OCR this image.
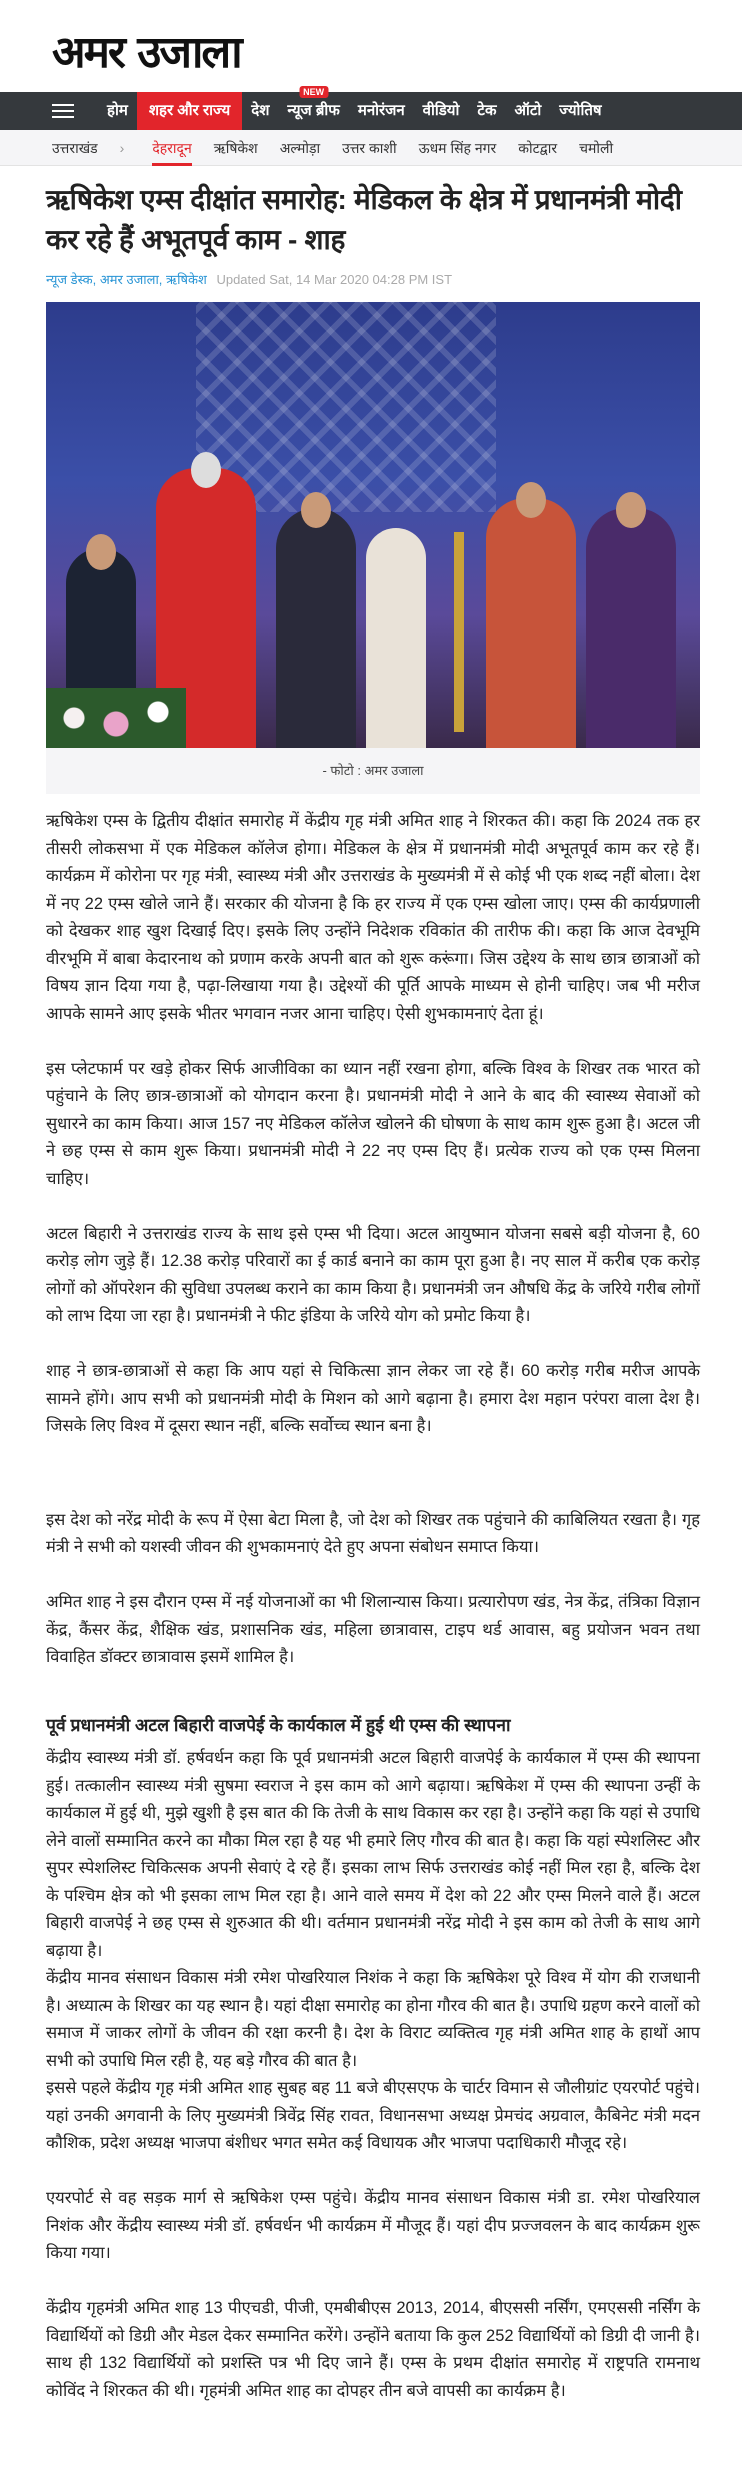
अमर उजाला
होम	शहर और राज्य	देश	न्यूज ब्रीफ
NEW
मनोरंजन	वीडियो	टेक	ऑटो	ज्योतिष
उत्तराखंड › देहरादून ऋषिकेश अल्मोड़ा उत्तर काशी ऊधम सिंह नगर कोटद्वार चमोली
ऋषिकेश एम्स दीक्षांत समारोह: मेडिकल के क्षेत्र में प्रधानमंत्री मोदी कर रहे हैं अभूतपूर्व काम - शाह
न्यूज डेस्क, अमर उजाला, ऋषिकेश Updated Sat, 14 Mar 2020 04:28 PM IST
- फोटो : अमर उजाला

ऋषिकेश एम्स के द्वितीय दीक्षांत समारोह में केंद्रीय गृह मंत्री अमित शाह ने शिरकत की। कहा कि 2024 तक हर तीसरी लोकसभा में एक मेडिकल कॉलेज होगा। मेडिकल के क्षेत्र में प्रधानमंत्री मोदी अभूतपूर्व काम कर रहे हैं। कार्यक्रम में कोरोना पर गृह मंत्री, स्वास्थ्य मंत्री और उत्तराखंड के मुख्यमंत्री में से कोई भी एक शब्द नहीं बोला। देश में नए 22 एम्स खोले जाने हैं। सरकार की योजना है कि हर राज्य में एक एम्स खोला जाए। एम्स की कार्यप्रणाली को देखकर शाह खुश दिखाई दिए। इसके लिए उन्होंने निदेशक रविकांत की तारीफ की। कहा कि आज देवभूमि वीरभूमि में बाबा केदारनाथ को प्रणाम करके अपनी बात को शुरू करूंगा। जिस उद्देश्य के साथ छात्र छात्राओं को विषय ज्ञान दिया गया है, पढ़ा-लिखाया गया है। उद्देश्यों की पूर्ति आपके माध्यम से होनी चाहिए। जब भी मरीज आपके सामने आए इसके भीतर भगवान नजर आना चाहिए। ऐसी शुभकामनाएं देता हूं।

इस प्लेटफार्म पर खड़े होकर सिर्फ आजीविका का ध्यान नहीं रखना होगा, बल्कि विश्व के शिखर तक भारत को पहुंचाने के लिए छात्र-छात्राओं को योगदान करना है। प्रधानमंत्री मोदी ने आने के बाद की स्वास्थ्य सेवाओं को सुधारने का काम किया। आज 157 नए मेडिकल कॉलेज खोलने की घोषणा के साथ काम शुरू हुआ है। अटल जी ने छह एम्स से काम शुरू किया। प्रधानमंत्री मोदी ने 22 नए एम्स दिए हैं। प्रत्येक राज्य को एक एम्स मिलना चाहिए।

अटल बिहारी ने उत्तराखंड राज्य के साथ इसे एम्स भी दिया। अटल आयुष्मान योजना सबसे बड़ी योजना है, 60 करोड़ लोग जुड़े हैं। 12.38 करोड़ परिवारों का ई कार्ड बनाने का काम पूरा हुआ है। नए साल में करीब एक करोड़ लोगों को ऑपरेशन की सुविधा उपलब्ध कराने का काम किया है। प्रधानमंत्री जन औषधि केंद्र के जरिये गरीब लोगों को लाभ दिया जा रहा है। प्रधानमंत्री ने फीट इंडिया के जरिये योग को प्रमोट किया है।

शाह ने छात्र-छात्राओं से कहा कि आप यहां से चिकित्सा ज्ञान लेकर जा रहे हैं। 60 करोड़ गरीब मरीज आपके सामने होंगे। आप सभी को प्रधानमंत्री मोदी के मिशन को आगे बढ़ाना है। हमारा देश महान परंपरा वाला देश है। जिसके लिए विश्व में दूसरा स्थान नहीं, बल्कि सर्वोच्च स्थान बना है।

इस देश को नरेंद्र मोदी के रूप में ऐसा बेटा मिला है, जो देश को शिखर तक पहुंचाने की काबिलियत रखता है। गृह मंत्री ने सभी को यशस्वी जीवन की शुभकामनाएं देते हुए अपना संबोधन समाप्त किया।

अमित शाह ने इस दौरान एम्स में नई योजनाओं का भी शिलान्यास किया। प्रत्यारोपण खंड, नेत्र केंद्र, तंत्रिका विज्ञान केंद्र, कैंसर केंद्र, शैक्षिक खंड, प्रशासनिक खंड, महिला छात्रावास, टाइप थर्ड आवास, बहु प्रयोजन भवन तथा विवाहित डॉक्टर छात्रावास इसमें शामिल है।

पूर्व प्रधानमंत्री अटल बिहारी वाजपेई के कार्यकाल में हुई थी एम्स की स्थापना

केंद्रीय स्वास्थ्य मंत्री डॉ. हर्षवर्धन कहा कि पूर्व प्रधानमंत्री अटल बिहारी वाजपेई के कार्यकाल में एम्स की स्थापना हुई। तत्कालीन स्वास्थ्य मंत्री सुषमा स्वराज ने इस काम को आगे बढ़ाया। ऋषिकेश में एम्स की स्थापना उन्हीं के कार्यकाल में हुई थी, मुझे खुशी है इस बात की कि तेजी के साथ विकास कर रहा है। उन्होंने कहा कि यहां से उपाधि लेने वालों सम्मानित करने का मौका मिल रहा है यह भी हमारे लिए गौरव की बात है। कहा कि यहां स्पेशलिस्ट और सुपर स्पेशलिस्ट चिकित्सक अपनी सेवाएं दे रहे हैं। इसका लाभ सिर्फ उत्तराखंड कोई नहीं मिल रहा है, बल्कि देश के पश्चिम क्षेत्र को भी इसका लाभ मिल रहा है। आने वाले समय में देश को 22 और एम्स मिलने वाले हैं। अटल बिहारी वाजपेई ने छह एम्स से शुरुआत की थी। वर्तमान प्रधानमंत्री नरेंद्र मोदी ने इस काम को तेजी के साथ आगे बढ़ाया है।

केंद्रीय मानव संसाधन विकास मंत्री रमेश पोखरियाल निशंक ने कहा कि ऋषिकेश पूरे विश्व में योग की राजधानी है। अध्यात्म के शिखर का यह स्थान है। यहां दीक्षा समारोह का होना गौरव की बात है। उपाधि ग्रहण करने वालों को समाज में जाकर लोगों के जीवन की रक्षा करनी है। देश के विराट व्यक्तित्व गृह मंत्री अमित शाह के हाथों आप सभी को उपाधि मिल रही है, यह बड़े गौरव की बात है।

इससे पहले केंद्रीय गृह मंत्री अमित शाह सुबह बह 11 बजे बीएसएफ के चार्टर विमान से जौलीग्रांट एयरपोर्ट पहुंचे। यहां उनकी अगवानी के लिए मुख्यमंत्री त्रिवेंद्र सिंह रावत, विधानसभा अध्यक्ष प्रेमचंद अग्रवाल, कैबिनेट मंत्री मदन कौशिक, प्रदेश अध्यक्ष भाजपा बंशीधर भगत समेत कई विधायक और भाजपा पदाधिकारी मौजूद रहे।

एयरपोर्ट से वह सड़क मार्ग से ऋषिकेश एम्स पहुंचे। केंद्रीय मानव संसाधन विकास मंत्री डा. रमेश पोखरियाल निशंक और केंद्रीय स्वास्थ्य मंत्री डॉ. हर्षवर्धन भी कार्यक्रम में मौजूद हैं। यहां दीप प्रज्जवलन के बाद कार्यक्रम शुरू किया गया।

केंद्रीय गृहमंत्री अमित शाह 13 पीएचडी, पीजी, एमबीबीएस 2013, 2014, बीएससी नर्सिंग, एमएससी नर्सिंग के विद्यार्थियों को डिग्री और मेडल देकर सम्मानित करेंगे। उन्होंने बताया कि कुल 252 विद्यार्थियों को डिग्री दी जानी है। साथ ही 132 विद्यार्थियों को प्रशस्ति पत्र भी दिए जाने हैं। एम्स के प्रथम दीक्षांत समारोह में राष्ट्रपति रामनाथ कोविंद ने शिरकत की थी। गृहमंत्री अमित शाह का दोपहर तीन बजे वापसी का कार्यक्रम है।
